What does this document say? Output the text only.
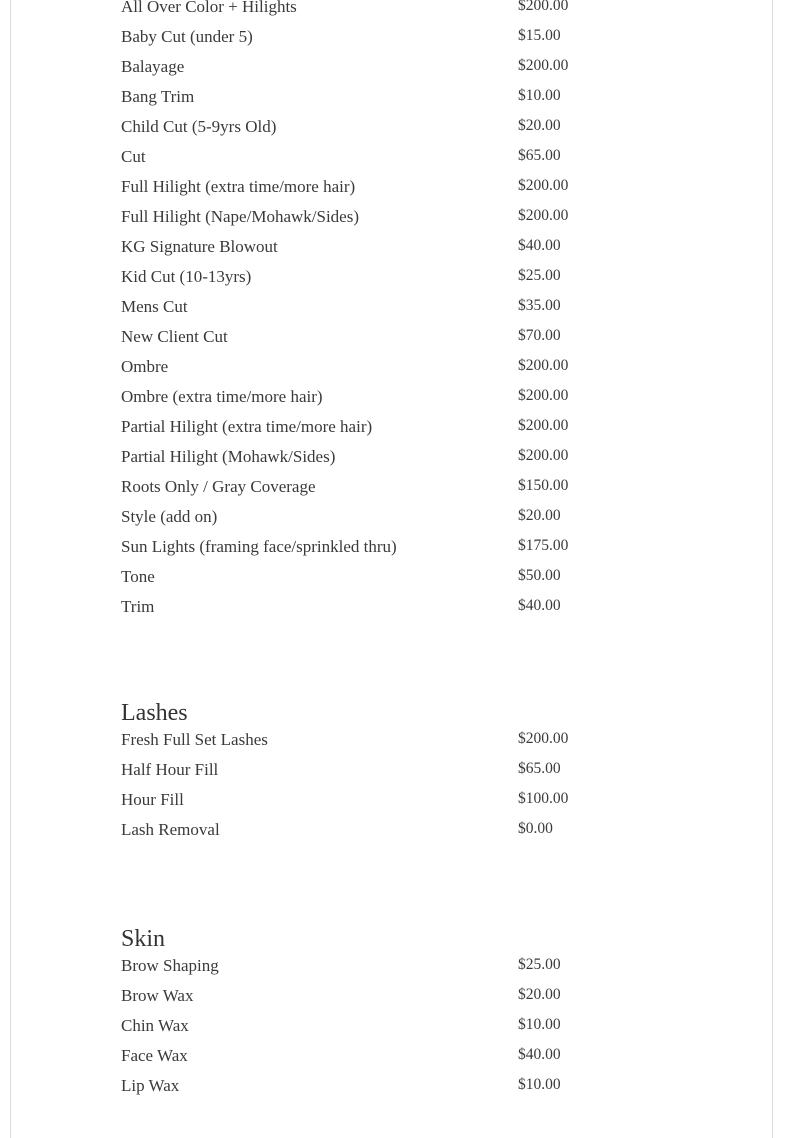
All Over Color + Hilights	$200.00
Baby Cut (under 5)	$15.00
Balayage	$200.00
Bang Trim	$10.00
Child Cut (5-9yrs Old)	$20.00
Cut	$65.00
Full Hilight (extra time/more hair)	$200.00
Full Hilight (Nape/Mohawk/Sides)	$200.00
KG Signature Blowout	$40.00
Kid Cut (10-13yrs)	$25.00
Mens Cut	$35.00
New Client Cut	$70.00
Ombre	$200.00
Ombre (extra time/more hair)	$200.00
Partial Hilight (extra time/more hair)	$200.00
Partial Hilight (Mohawk/Sides)	$200.00
Roots Only / Gray Coverage	$150.00
Style (add on)	$20.00
Sun Lights (framing face/sprinkled thru)	$175.00
Tone	$50.00
Trim	$40.00
Lashes
Fresh Full Set Lashes	$200.00
Half Hour Fill	$65.00
Hour Fill	$100.00
Lash Removal	$0.00
Skin
Brow Shaping	$25.00
Brow Wax	$20.00
Chin Wax	$10.00
Face Wax	$40.00
Lip Wax	$10.00
